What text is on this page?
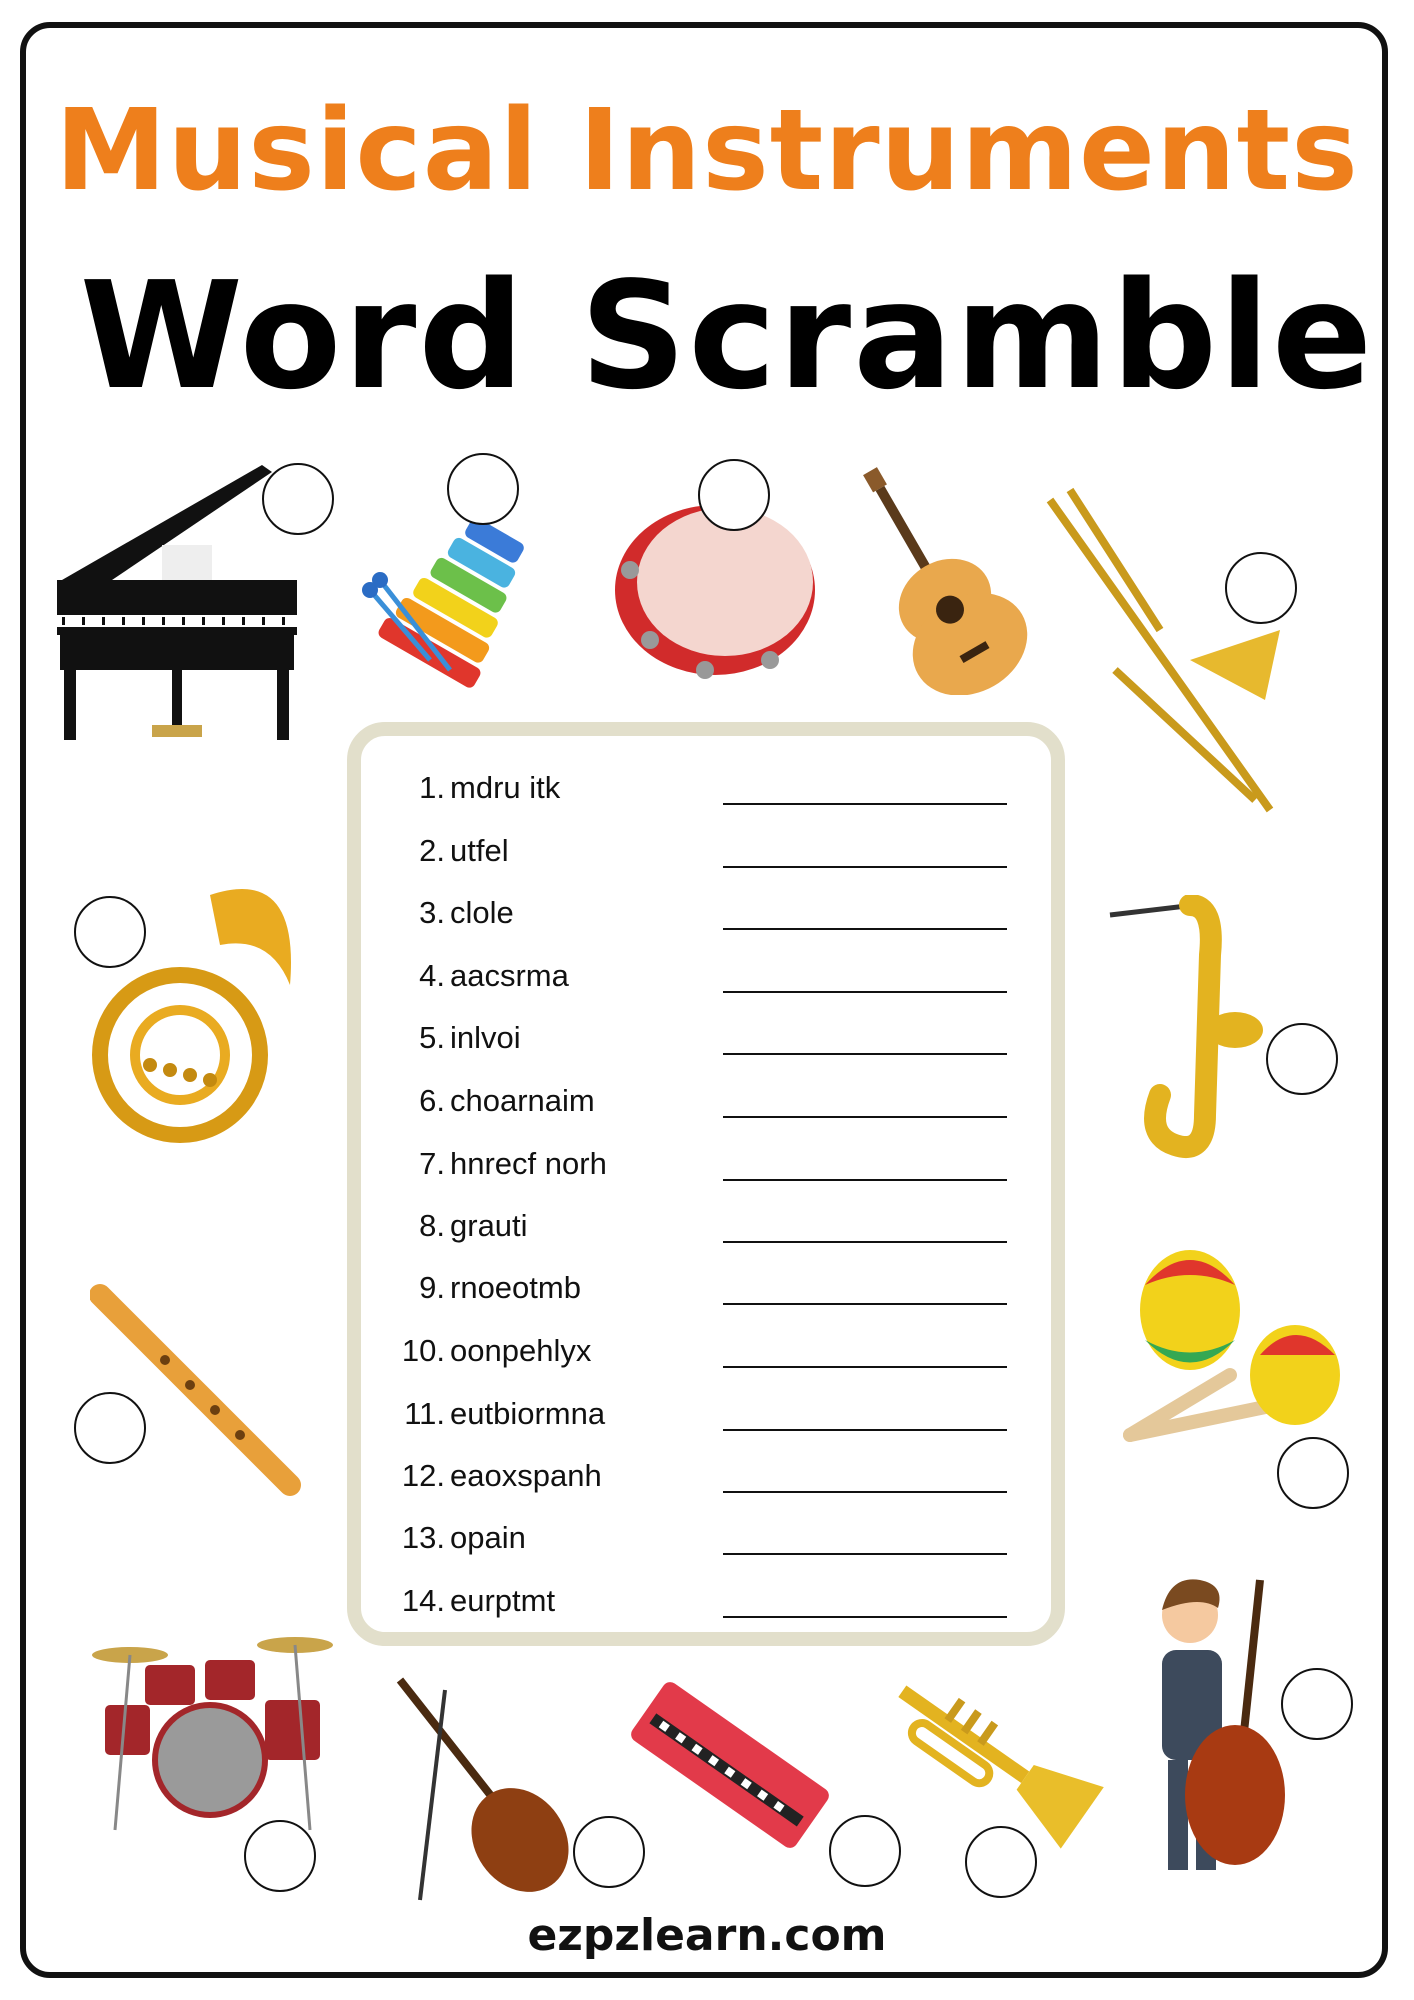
Musical Instruments
Word Scramble
1. mdru itk
2. utfel
3. clole
4. aacsrma
5. inlvoi
6. choarnaim
7. hnrecf norh
8. grauti
9. rnoeotmb
10. oonpehlyx
11. eutbiormna
12. eaoxspanh
13. opain
14. eurptmt
ezpzlearn.com
